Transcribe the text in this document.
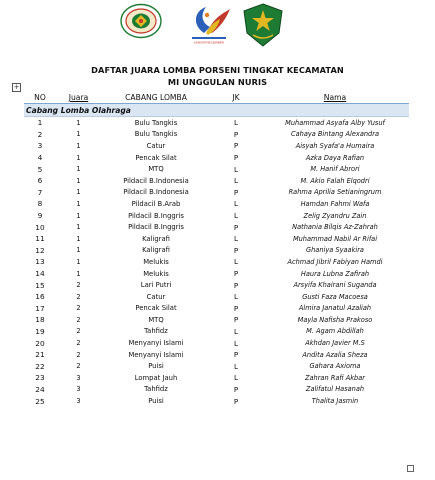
KABUPATEN JEMBER
DAFTAR JUARA LOMBA PORSENI TINGKAT KECAMATAN
MI UNGGULAN NURIS
+
NO	Juara	CABANG LOMBA	JK	Nama
Cabang Lomba Olahraga				
1	1	Bulu Tangkis	L	Muhammad Asyafa Alby Yusuf
2	1	Bulu Tangkis	P	Cahaya Bintang Alexandra
3	1	Catur	P	Aisyah Syafa'a Humaira
4	1	Pencak Silat	P	Azka Daya Rafian
5	1	MTQ	L	M. Hanif Abrori
6	1	Pildacil B.Indonesia	L	M. Akio Falah Elqodri
7	1	Pildacil B.Indonesia	P	Rahma Aprilia Setianingrum
8	1	Pildacil B.Arab	L	Hamdan Fahmi Wafa
9	1	Pildacil B.Inggris	L	Zelig Zyandru Zain
10	1	Pildacil B.Inggris	P	Nathania Bilqis Az-Zahrah
11	1	Kaligrafi	L	Muhammad Nabil Ar Rifai
12	1	Kaligrafi	P	Ghaniya Syaakira
13	1	Melukis	L	Achmad Jibril Fabiyan Hamdi
14	1	Melukis	P	Haura Lubna Zafirah
15	2	Lari Putri	P	Arsyifa Khairani Suganda
16	2	Catur	L	Gusti Faza Macoesa
17	2	Pencak Silat	P	Almira Janatul Azaliah
18	2	MTQ	P	Mayla Nafisha Prakoso
19	2	Tahfidz	L	M. Agam Abdillah
20	2	Menyanyi Islami	L	Akhdan Javier M.S
21	2	Menyanyi Islami	P	Andita Azalia Sheza
22	2	Puisi	L	Gahara Axioma
23	3	Lompat Jauh	L	Zahran Rafi Akbar
24	3	Tahfidz	P	Zalifatul Hasanah
25	3	Puisi	P	Thalita Jasmin
